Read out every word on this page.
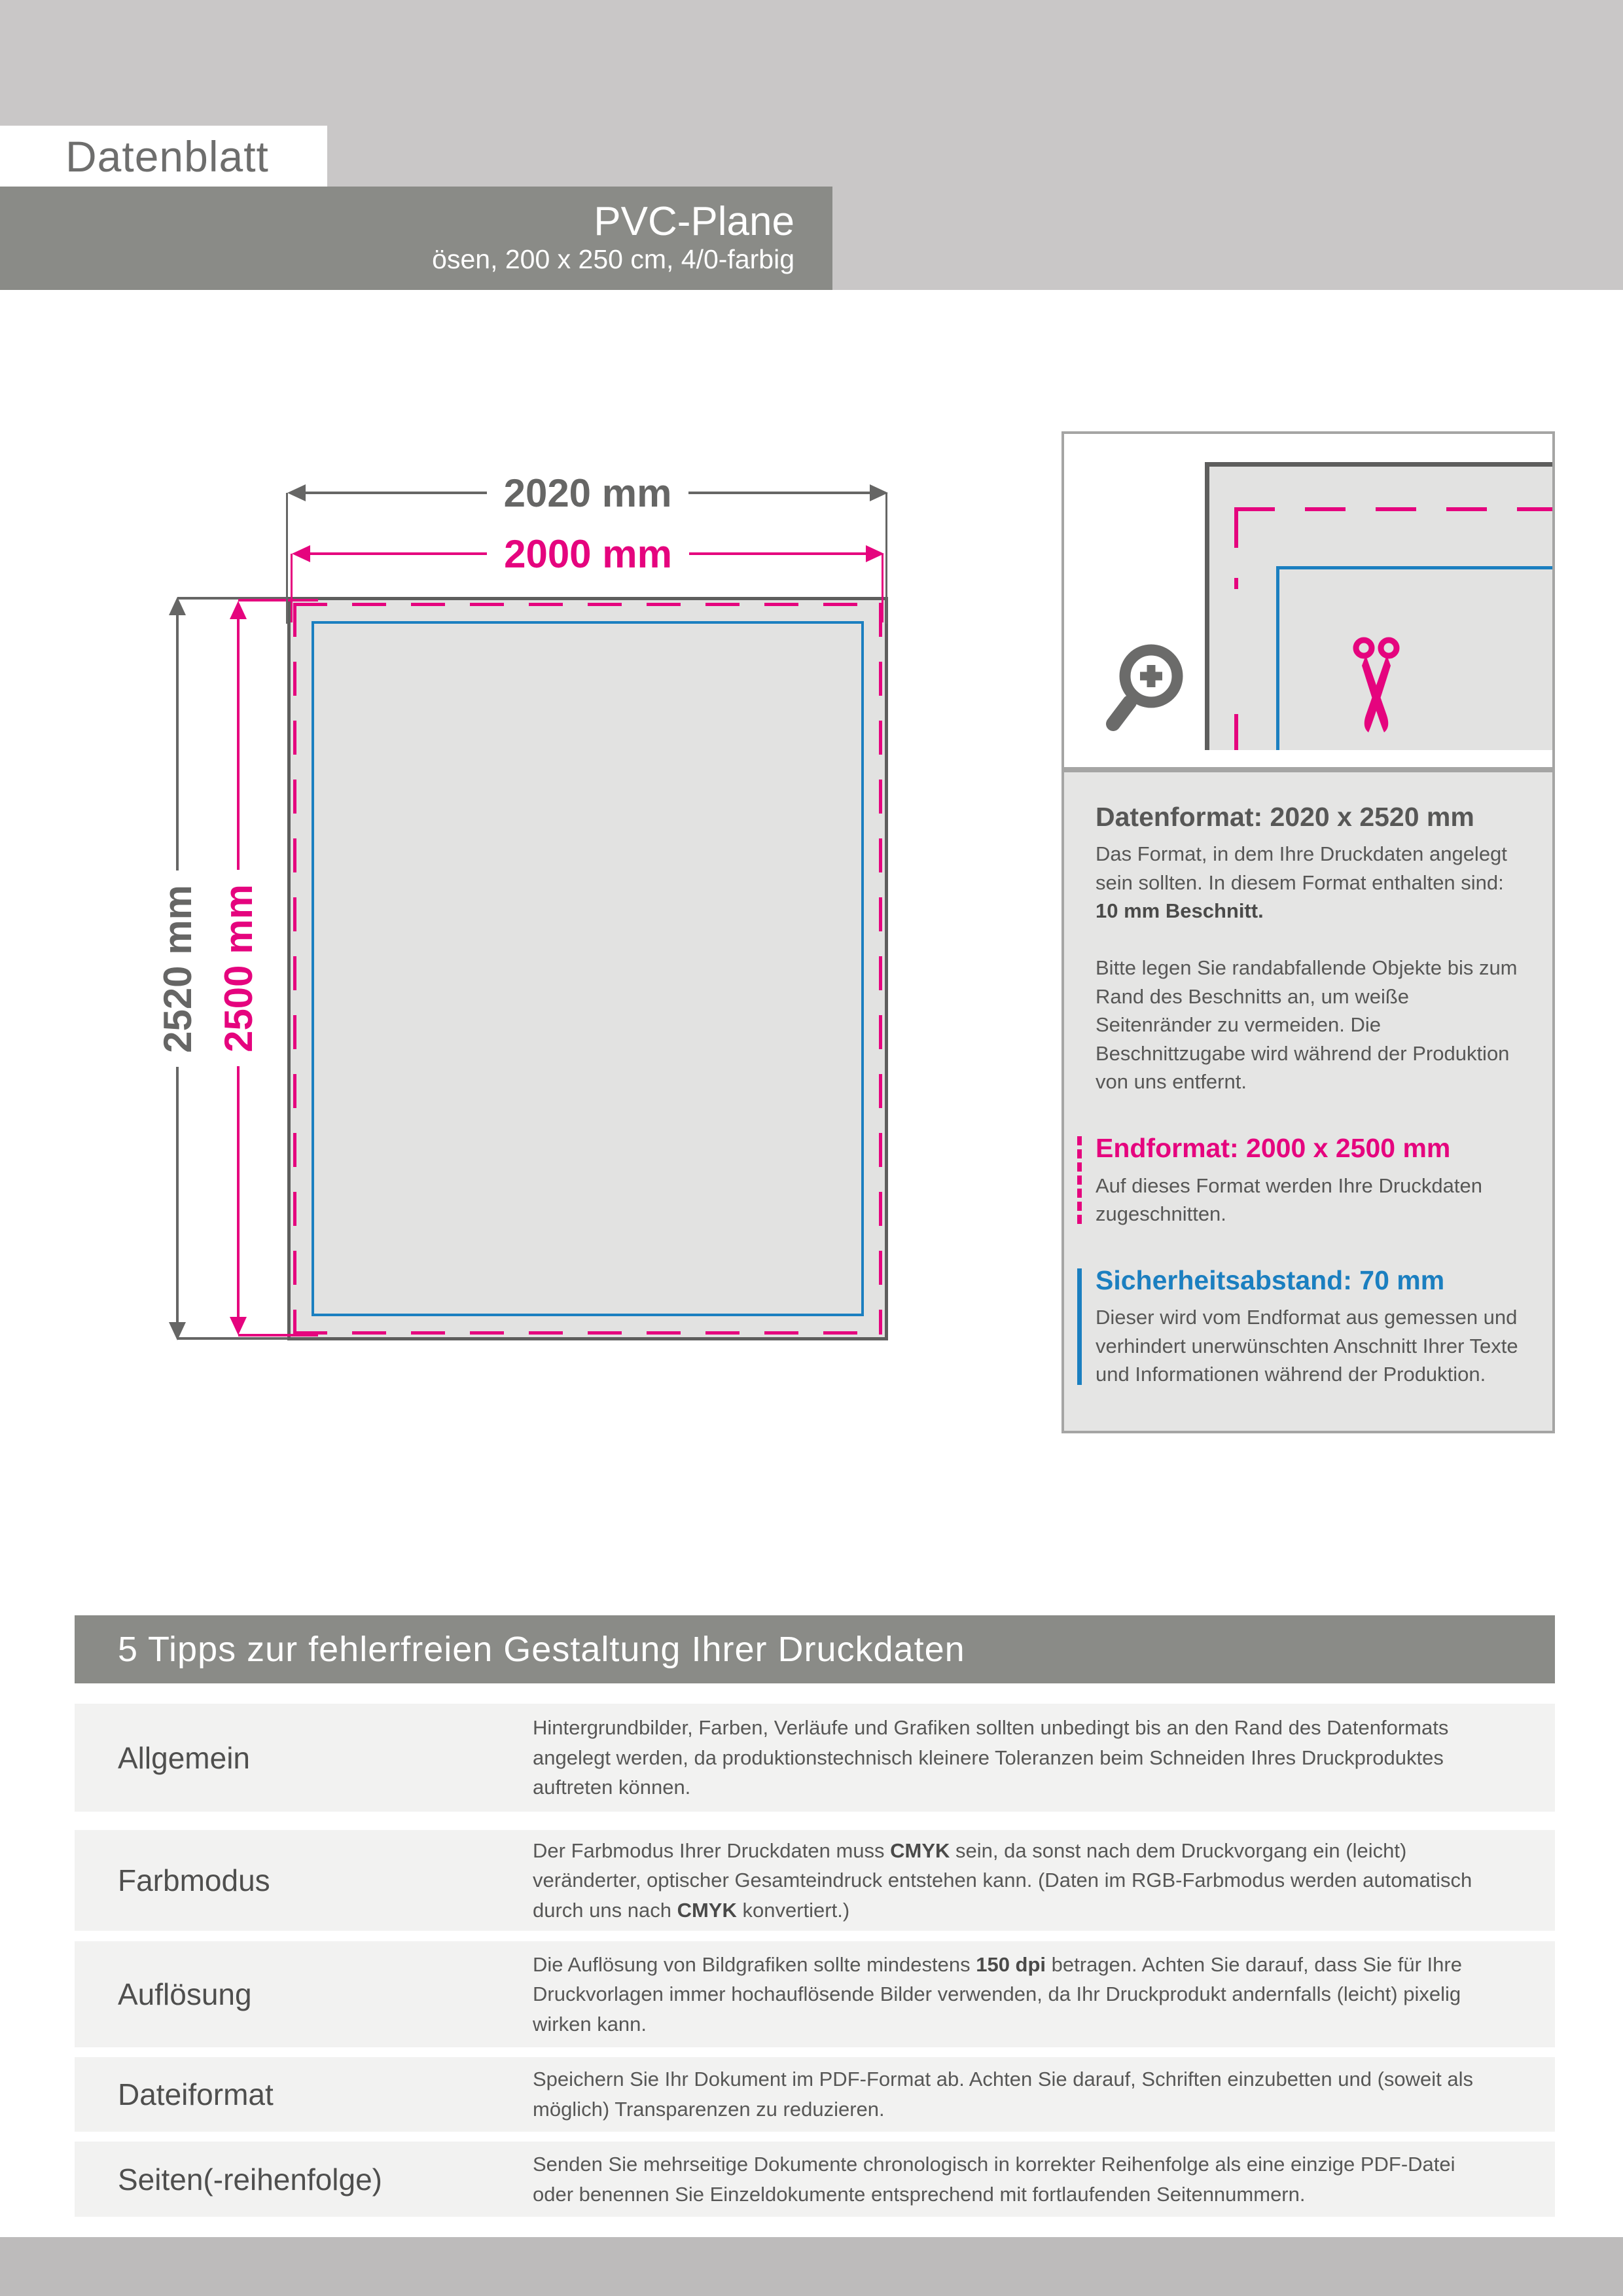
Datenblatt
PVC-Plane
ösen, 200 x 250 cm, 4/0-farbig
2020 mm
2000 mm
2520 mm 2500 mm
Datenformat: 2020 x 2520 mm

Das Format, in dem Ihre Druckdaten angelegt sein sollten. In diesem Format enthalten sind: 10 mm Beschnitt.

Bitte legen Sie randabfallende Objekte bis zum Rand des Beschnitts an, um weiße Seitenränder zu vermeiden. Die Beschnittzugabe wird während der Produktion von uns entfernt.

Endformat: 2000 x 2500 mm

Auf dieses Format werden Ihre Druckdaten zugeschnitten.

Sicherheitsabstand: 70 mm

Dieser wird vom Endformat aus gemessen und verhindert unerwünschten Anschnitt Ihrer Texte und Informationen während der Produktion.

5 Tipps zur fehlerfreien Gestaltung Ihrer Druckdaten
Allgemein
Hintergrundbilder, Farben, Verläufe und Grafiken sollten unbedingt bis an den Rand des Datenformats angelegt werden, da produktionstechnisch kleinere Toleranzen beim Schneiden Ihres Druckproduktes auftreten können.
Farbmodus
Der Farbmodus Ihrer Druckdaten muss CMYK sein, da sonst nach dem Druckvorgang ein (leicht) veränderter, optischer Gesamteindruck entstehen kann. (Daten im RGB-Farbmodus werden automatisch durch uns nach CMYK konvertiert.)
Auflösung
Die Auflösung von Bildgrafiken sollte mindestens 150 dpi betragen. Achten Sie darauf, dass Sie für Ihre Druckvorlagen immer hochauflösende Bilder verwenden, da Ihr Druckprodukt andernfalls (leicht) pixelig wirken kann.
Dateiformat	Speichern Sie Ihr Dokument im PDF-Format ab. Achten Sie darauf, Schriften einzubetten und (soweit als möglich) Transparenzen zu reduzieren.
Seiten(-reihenfolge)	Senden Sie mehrseitige Dokumente chronologisch in korrekter Reihenfolge als eine einzige PDF-Datei oder benennen Sie Einzeldokumente entsprechend mit fortlaufenden Seitennummern.
